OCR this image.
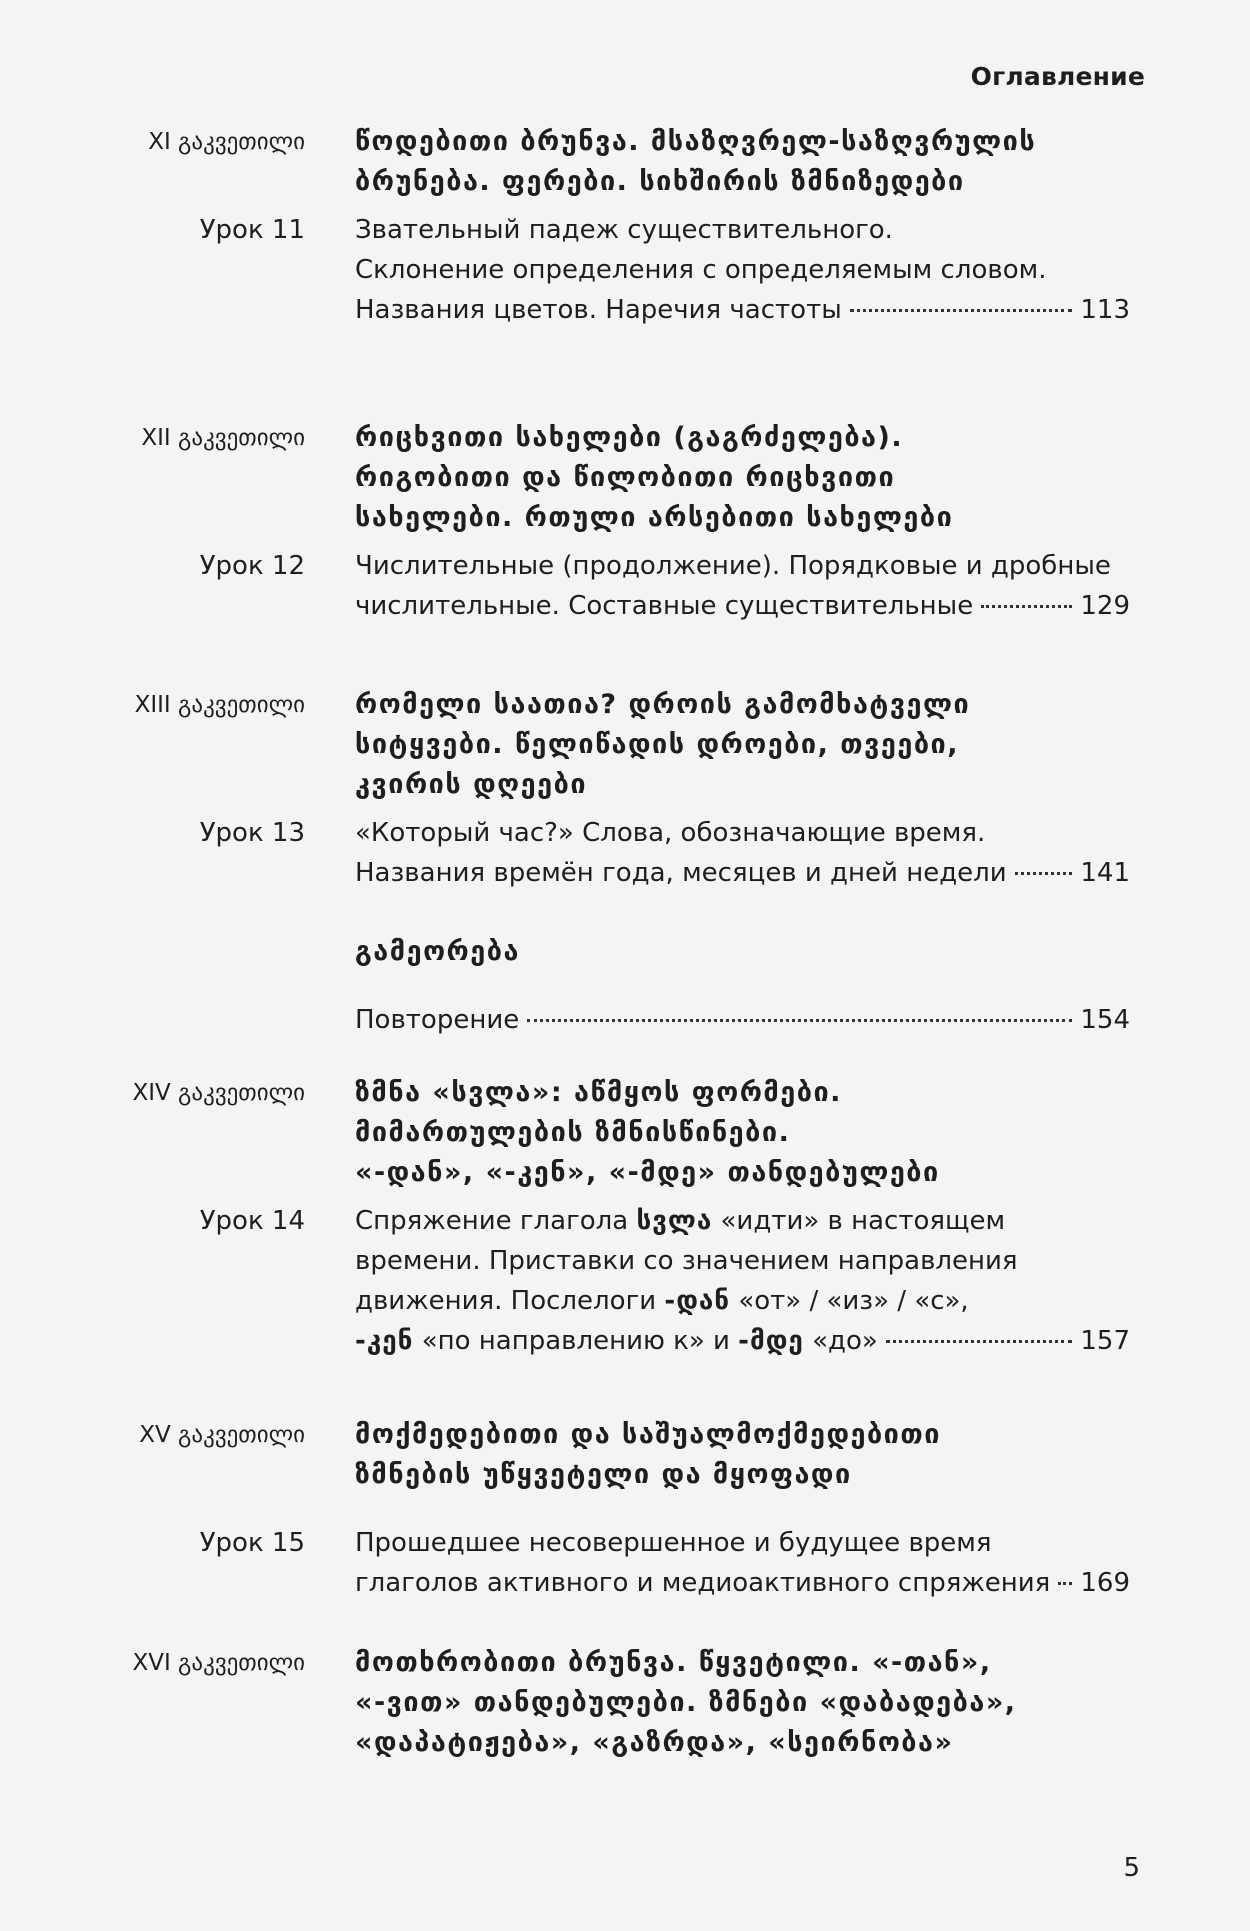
Оглавление
XI გაკვეთილი წოდებითი ბრუნვა. მსაზღვრელ-საზღვრულის
ბრუნება. ფერები. სიხშირის ზმნიზედები
Урок 11 Звательный падеж существительного.
Склонение определения с определяемым словом.
Названия цветов. Наречия частоты	113
XII გაკვეთილი რიცხვითი სახელები (გაგრძელება).
რიგობითი და წილობითი რიცხვითი
სახელები. რთული არსებითი სახელები
Урок 12 Числительные (продолжение). Порядковые и дробные
числительные. Составные существительные	129
XIII გაკვეთილი რომელი საათია? დროის გამომხატველი
სიტყვები. წელიწადის დროები, თვეები,
კვირის დღეები
Урок 13 «Который час?» Слова, обозначающие время.
Названия времён года, месяцев и дней недели	141
გამეორება
Повторение	154
XIV გაკვეთილი ზმნა «სვლა»: აწმყოს ფორმები.
მიმართულების ზმნისწინები.
«-დან», «-კენ», «-მდე» თანდებულები
Урок 14 Спряжение глагола სვლა «идти» в настоящем
времени. Приставки со значением направления
движения. Послелоги -დან «от» / «из» / «с»,
-კენ «по направлению к» и -მდე «до»	157
XV გაკვეთილი მოქმედებითი და საშუალმოქმედებითი
ზმნების უწყვეტელი და მყოფადი
Урок 15 Прошедшее несовершенное и будущее время
глаголов активного и медиоактивного спряжения 169
XVI გაკვეთილი მოთხრობითი ბრუნვა. წყვეტილი. «-თან»,
«-ვით» თანდებულები. ზმნები «დაბადება»,
«დაპატიჟება», «გაზრდა», «სეირნობა»
5
